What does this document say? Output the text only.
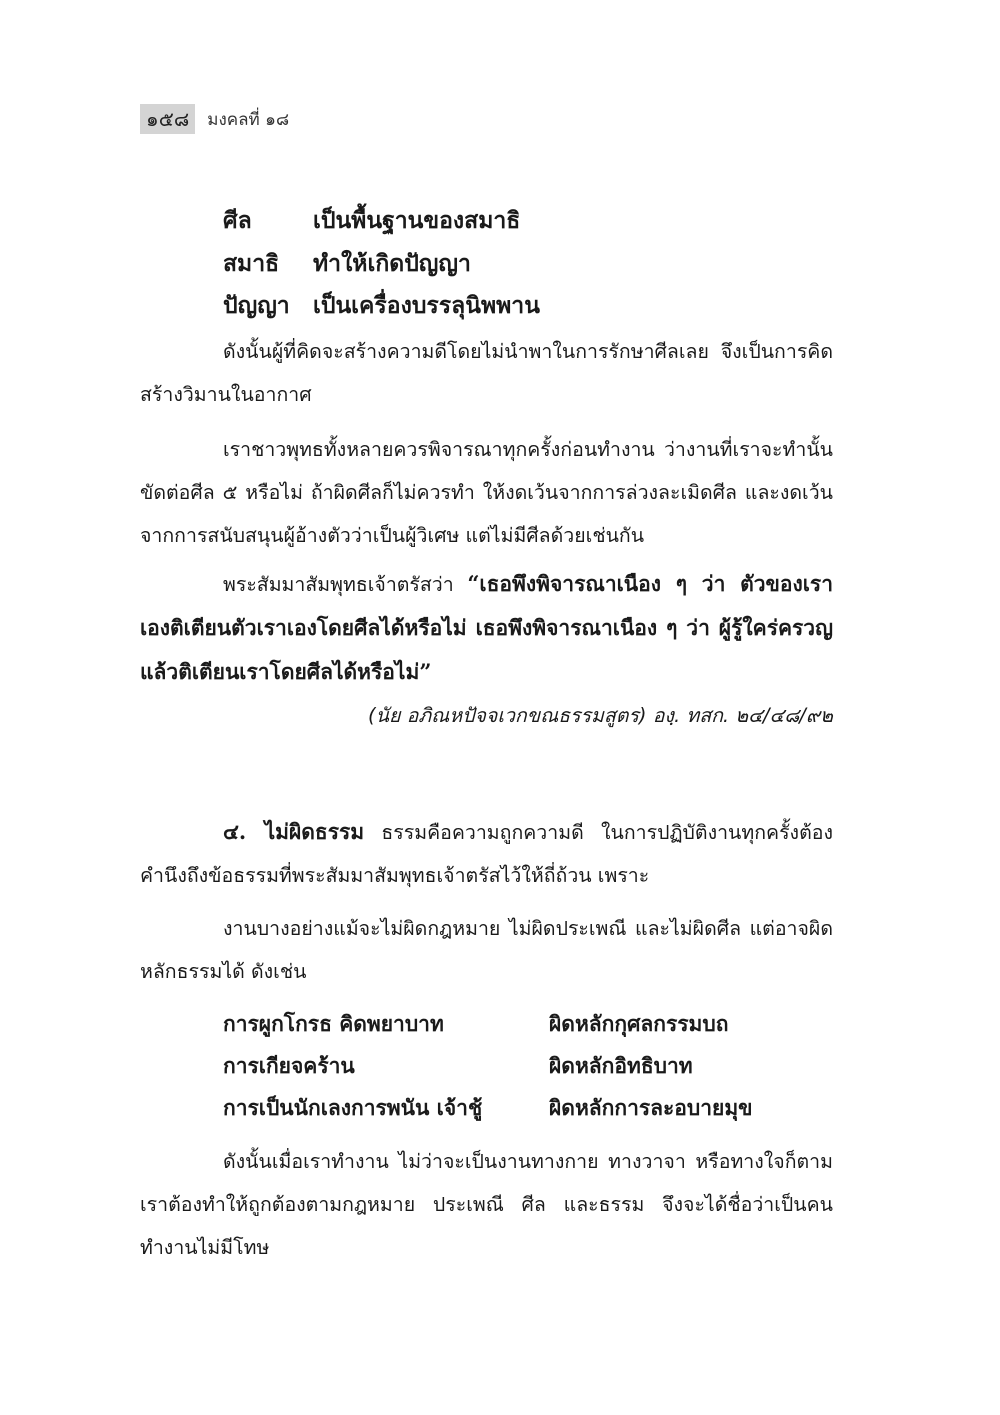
๑๕๘	มงคลที่ ๑๘
ศีล	เป็นพื้นฐานของสมาธิ
สมาธิ ทำให้เกิดปัญญา
ปัญญา เป็นเครื่องบรรลุนิพพาน

ดังนั้นผู้ที่คิดจะสร้างความดีโดยไม่นำพาในการรักษาศีลเลย จึงเป็นการคิดสร้างวิมานในอากาศ

เราชาวพุทธทั้งหลายควรพิจารณาทุกครั้งก่อนทำงาน ว่างานที่เราจะทำนั้นขัดต่อศีล ๕ หรือไม่ ถ้าผิดศีลก็ไม่ควรทำ ให้งดเว้นจากการล่วงละเมิดศีล และงดเว้นจากการสนับสนุนผู้อ้างตัวว่าเป็นผู้วิเศษ แต่ไม่มีศีลด้วยเช่นกัน

พระสัมมาสัมพุทธเจ้าตรัสว่า “เธอพึงพิจารณาเนือง ๆ ว่า ตัวของเราเองติเตียนตัวเราเองโดยศีลได้หรือไม่ เธอพึงพิจารณาเนือง ๆ ว่า ผู้รู้ใคร่ครวญแล้วติเตียนเราโดยศีลได้หรือไม่”

(นัย อภิณหปัจจเวกขณธรรมสูตร) องฺ. ทสก. ๒๔/๔๘/๙๒

๔. ไม่ผิดธรรม ธรรมคือความถูกความดี ในการปฏิบัติงานทุกครั้งต้องคำนึงถึงข้อธรรมที่พระสัมมาสัมพุทธเจ้าตรัสไว้ให้ถี่ถ้วน เพราะ

งานบางอย่างแม้จะไม่ผิดกฎหมาย ไม่ผิดประเพณี และไม่ผิดศีล แต่อาจผิดหลักธรรมได้ ดังเช่น

การผูกโกรธ คิดพยาบาท	ผิดหลักกุศลกรรมบถ
การเกียจคร้าน	ผิดหลักอิทธิบาท
การเป็นนักเลงการพนัน เจ้าชู้	ผิดหลักการละอบายมุข

ดังนั้นเมื่อเราทำงาน ไม่ว่าจะเป็นงานทางกาย ทางวาจา หรือทางใจก็ตาม เราต้องทำให้ถูกต้องตามกฎหมาย ประเพณี ศีล และธรรม จึงจะได้ชื่อว่าเป็นคนทำงานไม่มีโทษ
